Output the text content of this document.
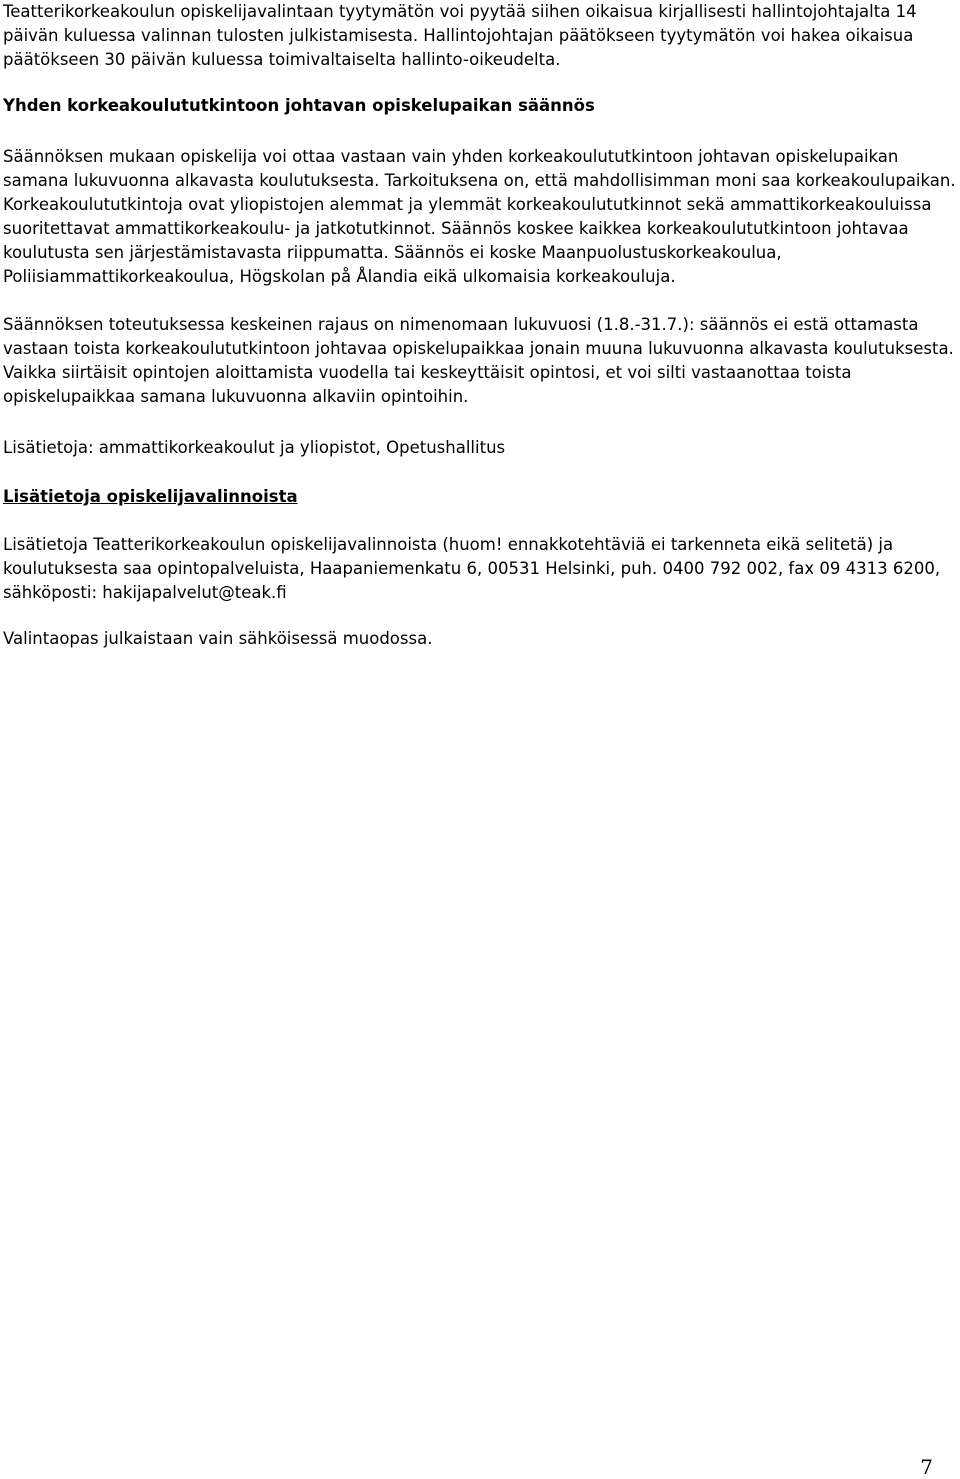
Teatterikorkeakoulun opiskelijavalintaan tyytymätön voi pyytää siihen oikaisua kirjallisesti hallintojohtajalta 14
päivän kuluessa valinnan tulosten julkistamisesta. Hallintojohtajan päätökseen tyytymätön voi hakea oikaisua
päätökseen 30 päivän kuluessa toimivaltaiselta hallinto-oikeudelta.

Yhden korkeakoulututkintoon johtavan opiskelupaikan säännös

Säännöksen mukaan opiskelija voi ottaa vastaan vain yhden korkeakoulututkintoon johtavan opiskelupaikan
samana lukuvuonna alkavasta koulutuksesta. Tarkoituksena on, että mahdollisimman moni saa korkeakoulupaikan.
Korkeakoulututkintoja ovat yliopistojen alemmat ja ylemmät korkeakoulututkinnot sekä ammattikorkeakouluissa
suoritettavat ammattikorkeakoulu- ja jatkotutkinnot. Säännös koskee kaikkea korkeakoulututkintoon johtavaa
koulutusta sen järjestämistavasta riippumatta. Säännös ei koske Maanpuolustuskorkeakoulua,
Poliisiammattikorkeakoulua, Högskolan på Ålandia eikä ulkomaisia korkeakouluja.

Säännöksen toteutuksessa keskeinen rajaus on nimenomaan lukuvuosi (1.8.-31.7.): säännös ei estä ottamasta
vastaan toista korkeakoulututkintoon johtavaa opiskelupaikkaa jonain muuna lukuvuonna alkavasta koulutuksesta.
Vaikka siirtäisit opintojen aloittamista vuodella tai keskeyttäisit opintosi, et voi silti vastaanottaa toista
opiskelupaikkaa samana lukuvuonna alkaviin opintoihin.

Lisätietoja: ammattikorkeakoulut ja yliopistot, Opetushallitus

Lisätietoja opiskelijavalinnoista

Lisätietoja Teatterikorkeakoulun opiskelijavalinnoista (huom! ennakkotehtäviä ei tarkenneta eikä selitetä) ja
koulutuksesta saa opintopalveluista, Haapaniemenkatu 6, 00531 Helsinki, puh. 0400 792 002, fax 09 4313 6200,
sähköposti: hakijapalvelut@teak.fi

Valintaopas julkaistaan vain sähköisessä muodossa.

7
